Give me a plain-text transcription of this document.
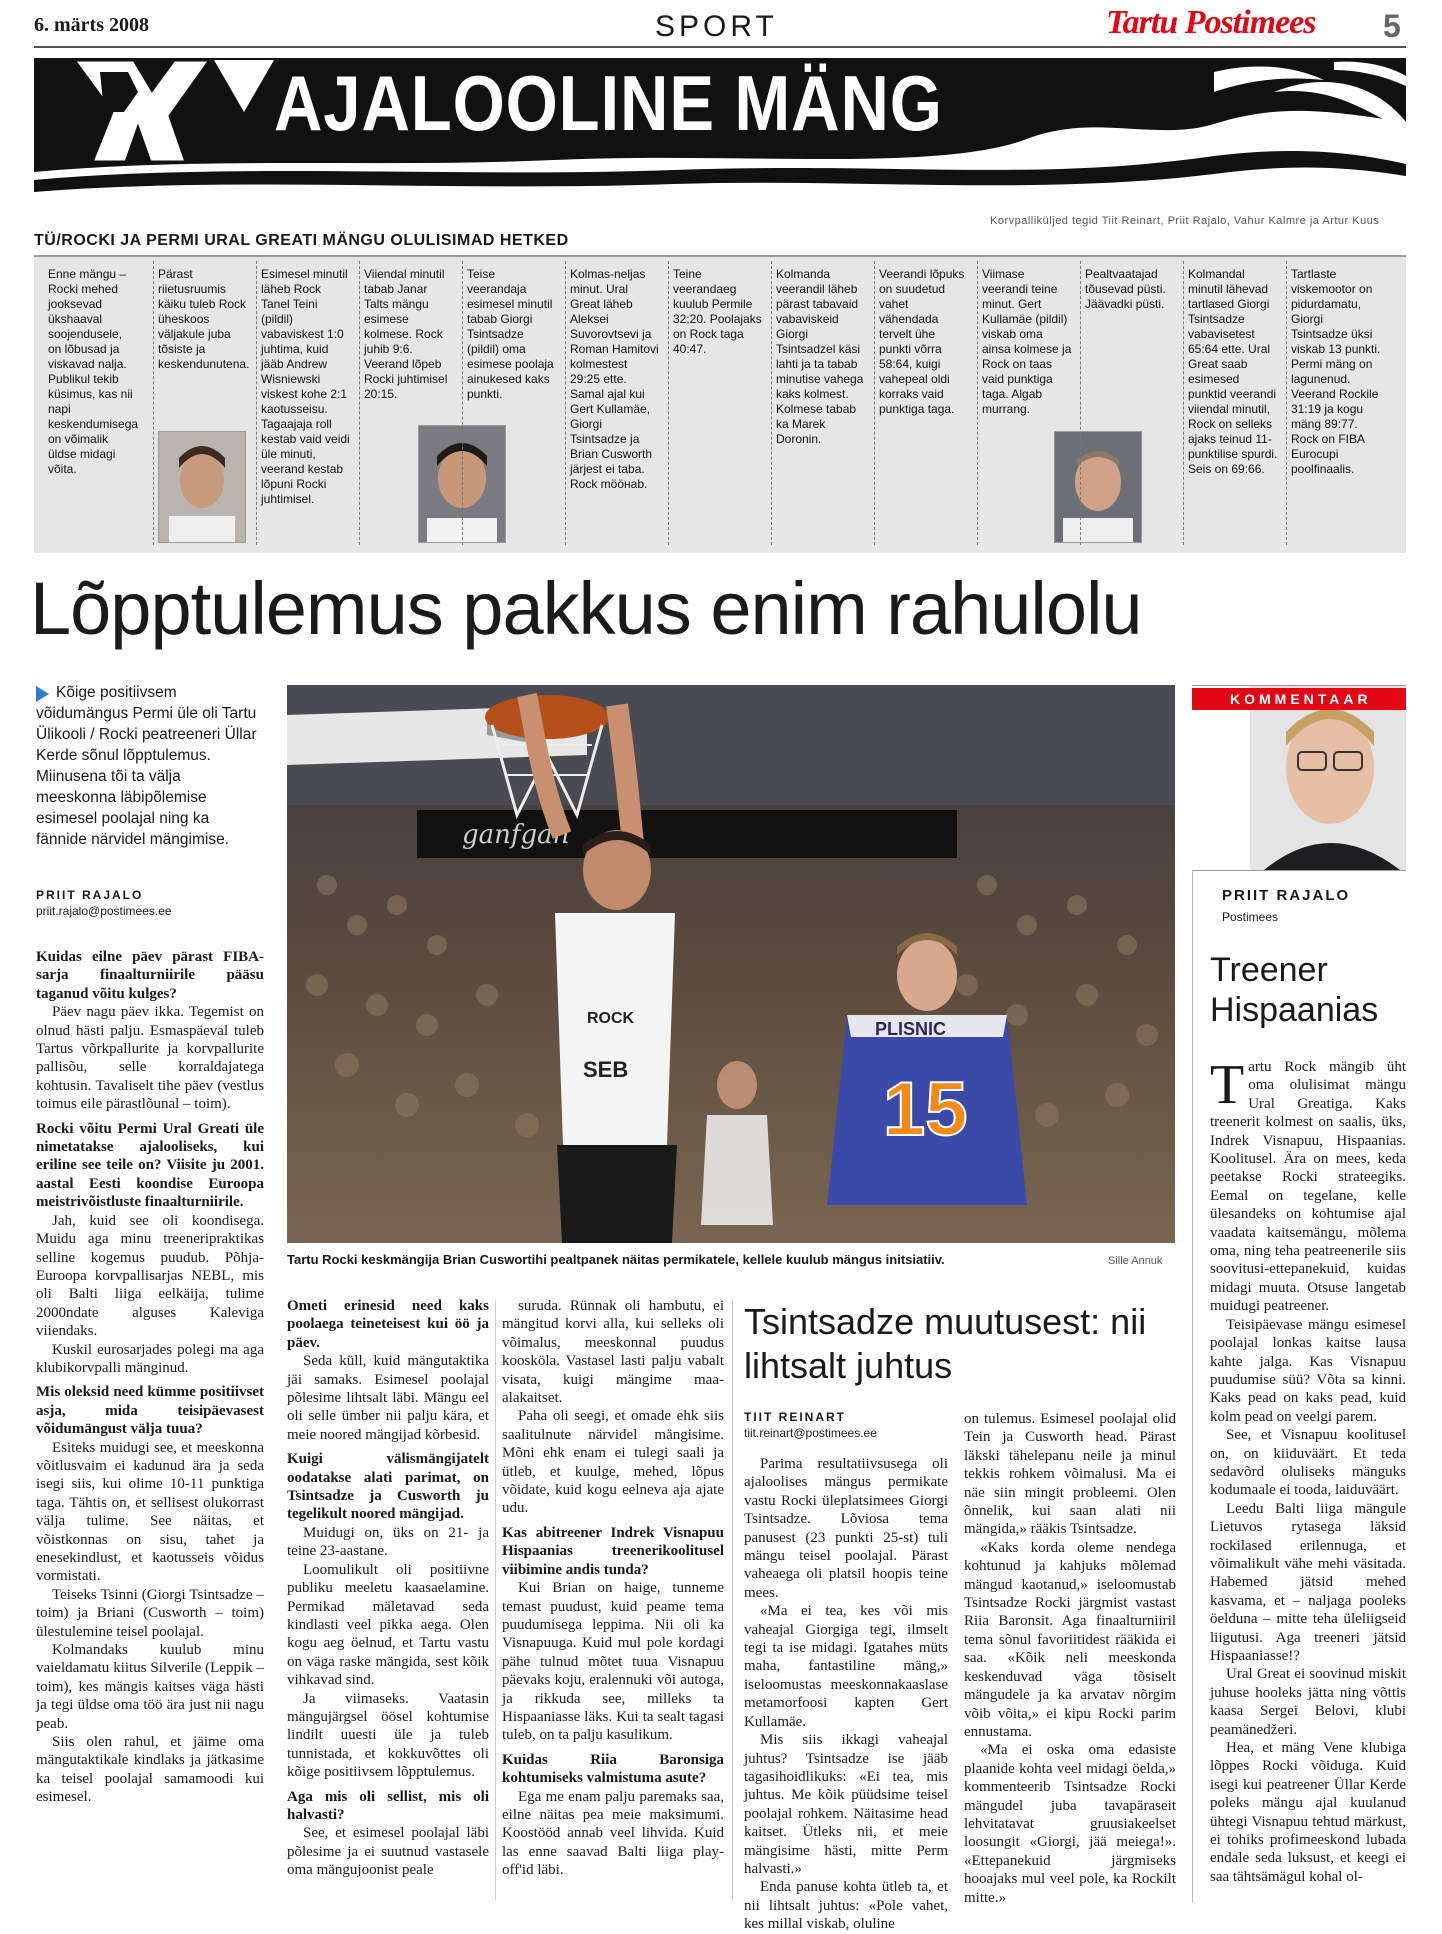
6. märts 2008	SPORT	Tartu Postimees 5
AJALOOLINE MÄNG
TÜ/ROCKI JA PERMI URAL GREATI MÄNGU OLULISIMAD HETKED
Korvpalliküljed tegid Tiit Reinart, Priit Rajalo, Vahur Kalmre ja Artur Kuus
Enne mängu – Rocki mehed jooksevad ükshaaval soojendusele, on lõbusad ja viskavad nalja. Publikul tekib küsimus, kas nii napi keskendumisega on võimalik üldse midagi võita.
Pärast riietusruumis käiku tuleb Rock üheskoos väljakule juba tõsiste ja keskendunutena.
Esimesel minutil läheb Rock Tanel Teini (pildil) vabaviskest 1:0 juhtima, kuid jääb Andrew Wisniewski viskest kohe 2:1 kaotusseisu. Tagaajaja roll kestab vaid veidi üle minuti, veerand kestab lõpuni Rocki juhtimisel.
Viiendal minutil tabab Janar Talts mängu esimese kolmese. Rock juhib 9:6. Veerand lõpeb Rocki juhtimisel 20:15.
Teise veerandaja esimesel minutil tabab Giorgi Tsintsadze (pildil) oma esimese poolaja ainukesed kaks punkti.
Kolmas-neljas minut. Ural Great läheb Aleksei Suvorovtsevi ja Roman Hamitovi kolmestest 29:25 ette. Samal ajal kui Gert Kullamäe, Giorgi Tsintsadze ja Brian Cusworth järjest ei taba. Rock mööнаb.
Teine veerandaeg kuulub Permile 32:20. Poolajaks on Rock taga 40:47.
Kolmanda veerandil läheb pärast tabavaid vabaviskeid Giorgi Tsintsadzel käsi lahti ja ta tabab minutise vahega kaks kolmest. Kolmese tabab ka Marek Doronin.
Veerandi lõpuks on suudetud vahet vähendada tervelt ühe punkti võrra 58:64, kuigi vahepeal oldi korraks vaid punktiga taga.
Viimase veerandi teine minut. Gert Kullamäe (pildil) viskab oma ainsa kolmese ja Rock on taas vaid punktiga taga. Algab murrang.
Pealtvaatajad tõusevad püsti. Jäävadki püsti.
Kolmandal minutil lähevad tartlased Giorgi Tsintsadze vabavisetest 65:64 ette. Ural Great saab esimesed punktid veerandi viiendal minutil, Rock on selleks ajaks teinud 11-punktilise spurdi. Seis on 69:66.
Tartlaste viskemootor on pidurdamatu, Giorgi Tsintsadze üksi viskab 13 punkti. Permi mäng on lagunenud. Veerand Rockile 31:19 ja kogu mäng 89:77. Rock on FIBA Eurocupi poolfinaalis.
Lõpptulemus pakkus enim rahulolu
Kõige positiivsem võidumängus Permi üle oli Tartu Ülikooli / Rocki peatreeneri Üllar Kerde sõnul lõpptulemus. Miinusena tõi ta välja meeskonna läbipõlemise esimesel poolajal ning ka fännide närvidel mängimise.
PRIIT RAJALO
priit.rajalo@postimees.ee

Kuidas eilne päev pärast FIBA-sarja finaalturniirile pääsu taganud võitu kulges?

Päev nagu päev ikka. Tegemist on olnud hästi palju. Esmaspäeval tuleb Tartus võrkpallurite ja korvpallurite pallisõu, selle korraldajatega kohtusin. Tavaliselt tihe päev (vestlus toimus eile pärastlõunal – toim).

Rocki võitu Permi Ural Greati üle nimetatakse ajalooliseks, kui eriline see teile on? Viisite ju 2001. aastal Eesti koondise Euroopa meistrivõistluste finaalturniirile.

Jah, kuid see oli koondisega. Muidu aga minu treeneripraktikas selline kogemus puudub. Põhja-Euroopa korvpallisarjas NEBL, mis oli Balti liiga eelkäija, tulime 2000ndate alguses Kaleviga viiendaks.

Kuskil eurosarjades polegi ma aga klubikorvpalli mänginud.

Mis oleksid need kümme positiivset asja, mida teisipäevasest võidumängust välja tuua?

Esiteks muidugi see, et meeskonna võitlusvaim ei kadunud ära ja seda isegi siis, kui olime 10-11 punktiga taga. Tähtis on, et sellisest olukorrast välja tulime. See näitas, et võistkonnas on sisu, tahet ja enesekindlust, et kaotusseis võidus vormistati.

Teiseks Tsinni (Giorgi Tsintsadze – toim) ja Briani (Cusworth – toim) ülestulemine teisel poolajal.

Kolmandaks kuulub minu vaieldamatu kiitus Silverile (Leppik – toim), kes mängis kaitses väga hästi ja tegi üldse oma töö ära just nii nagu peab.

Siis olen rahul, et jäime oma mängutaktikale kindlaks ja jätkasime ka teisel poolajal samamoodi kui esimesel.

ganfgan
SEB
ROCK
PLISNIC
15
Tartu Rocki keskmängija Brian Cuswortihi pealtpanek näitas permikatele, kellele kuulub mängus initsiatiiv.	Sille Annuk

Ometi erinesid need kaks poolaega teineteisest kui öö ja päev.

Seda küll, kuid mängutaktika jäi samaks. Esimesel poolajal põlesime lihtsalt läbi. Mängu eel oli selle ümber nii palju kära, et meie noored mängijad kõrbesid.

Kuigi välismängijatelt oodatakse alati parimat, on Tsintsadze ja Cusworth ju tegelikult noored mängijad.

Muidugi on, üks on 21- ja teine 23-aastane.

Loomulikult oli positiivne publiku meeletu kaasaelamine. Permikad mäletavad seda kindlasti veel pikka aega. Olen kogu aeg öelnud, et Tartu vastu on väga raske mängida, sest kõik vihkavad sind.

Ja viimaseks. Vaatasin mängujärgsel öösel kohtumise lindilt uuesti üle ja tuleb tunnistada, et kokkuvõttes oli kõige positiivsem lõpptulemus.

Aga mis oli sellist, mis oli halvasti?

See, et esimesel poolajal läbi põlesime ja ei suutnud vastasele oma mängujoonist peale

suruda. Rünnak oli hambutu, ei mängitud korvi alla, kui selleks oli võimalus, meeskonnal puudus koosköla. Vastasel lasti palju vabalt visata, kuigi mängime maa-alakaitset.

Paha oli seegi, et omade ehk siis saalitulnute närvidel mängisime. Mõni ehk enam ei tulegi saali ja ütleb, et kuulge, mehed, lõpus võidate, kuid kogu eelneva aja ajate udu.

Kas abitreener Indrek Visnapuu Hispaanias treenerikoolitusel viibimine andis tunda?

Kui Brian on haige, tunneme temast puudust, kuid peame tema puudumisega leppima. Nii oli ka Visnapuuga. Kuid mul pole kordagi pähe tulnud mõtet tuua Visnapuu päevaks koju, eralennuki või autoga, ja rikkuda see, milleks ta Hispaaniasse läks. Kui ta sealt tagasi tuleb, on ta palju kasulikum.

Kuidas Riia Baronsiga kohtumiseks valmistuma asute?

Ega me enam palju paremaks saa, eilne näitas pea meie maksimumi. Koostööd annab veel lihvida. Kuid las enne saavad Balti liiga play-off'id läbi.

Tsintsadze muutusest: nii lihtsalt juhtus
TIIT REINART
tiit.reinart@postimees.ee

Parima resultatiivsusega oli ajaloolises mängus permikate vastu Rocki üleplatsimees Giorgi Tsintsadze. Lõviosa tema panusest (23 punkti 25-st) tuli mängu teisel poolajal. Pärast vaheaega oli platsil hoopis teine mees.

«Ma ei tea, kes või mis vaheajal Giorgiga tegi, ilmselt tegi ta ise midagi. Igatahes müts maha, fantastiline mäng,» iseloomustas meeskonnakaaslase metamorfoosi kapten Gert Kullamäe.

Mis siis ikkagi vaheajal juhtus? Tsintsadze ise jääb tagasihoidlikuks: «Ei tea, mis juhtus. Me kõik püüdsime teisel poolajal rohkem. Näitasime head kaitset. Ütleks nii, et meie mängisime hästi, mitte Perm halvasti.»

Enda panuse kohta ütleb ta, et nii lihtsalt juhtus: «Pole vahet, kes millal viskab, oluline

on tulemus. Esimesel poolajal olid Tein ja Cusworth head. Pärast läkski tähelepanu neile ja minul tekkis rohkem võimalusi. Ma ei näe siin mingit probleemi. Olen õnnelik, kui saan alati nii mängida,» rääkis Tsintsadze.

«Kaks korda oleme nendega kohtunud ja kahjuks mõlemad mängud kaotanud,» iseloomustab Tsintsadze Rocki järgmist vastast Riia Baronsit. Aga finaalturniiril tema sõnul favoriitidest rääkida ei saa. «Kõik neli meeskonda keskenduvad väga tõsiselt mängudele ja ka arvatav nõrgim võib võita,» ei kipu Rocki parim ennustama.

«Ma ei oska oma edasiste plaanide kohta veel midagi öelda,» kommenteerib Tsintsadze Rocki mängudel juba tavapäraseit lehvitatavat gruusiakeelset loosungit «Giorgi, jää meiega!». «Ettepanekuid järgmiseks hooajaks mul veel pole, ka Rockilt mitte.»

KOMMENTAAR
PRIIT RAJALO
Postimees
Treener Hispaanias

Tartu Rock mängib üht oma olulisimat mängu Ural Greatiga. Kaks treenerit kolmest on saalis, üks, Indrek Visnapuu, Hispaanias. Koolitusel. Ära on mees, keda peetakse Rocki strateegiks. Eemal on tegelane, kelle ülesandeks on kohtumise ajal vaadata kaitsemängu, mõlema oma, ning teha peatreenerile siis soovitusi-ettepanekuid, kuidas midagi muuta. Otsuse langetab muidugi peatreener.

Teisipäevase mängu esimesel poolajal lonkas kaitse lausa kahte jalga. Kas Visnapuu puudumise süü? Võta sa kinni. Kaks pead on kaks pead, kuid kolm pead on veelgi parem.

See, et Visnapuu koolitusel on, on kiiduväärt. Et teda sedavõrd oluliseks mänguks kodumaale ei tooda, laiduväärt.

Leedu Balti liiga mängule Lietuvos rytasega läksid rockilased erilennuga, et võimalikult vähe mehi väsitada. Habemed jätsid mehed kasvama, et – naljaga pooleks öelduna – mitte teha üleliigseid liigutusi. Aga treeneri jätsid Hispaaniasse!?

Ural Great ei soovinud miskit juhuse hooleks jätta ning võttis kaasa Sergei Belovi, klubi peamänedžeri.

Hea, et mäng Vene klubiga lõppes Rocki võiduga. Kuid isegi kui peatreener Üllar Kerde poleks mängu ajal kuulanud ühtegi Visnapuu tehtud märkust, ei tohiks profimeeskond lubada endale seda luksust, et keegi ei saa tähtsämägul kohal ol-
